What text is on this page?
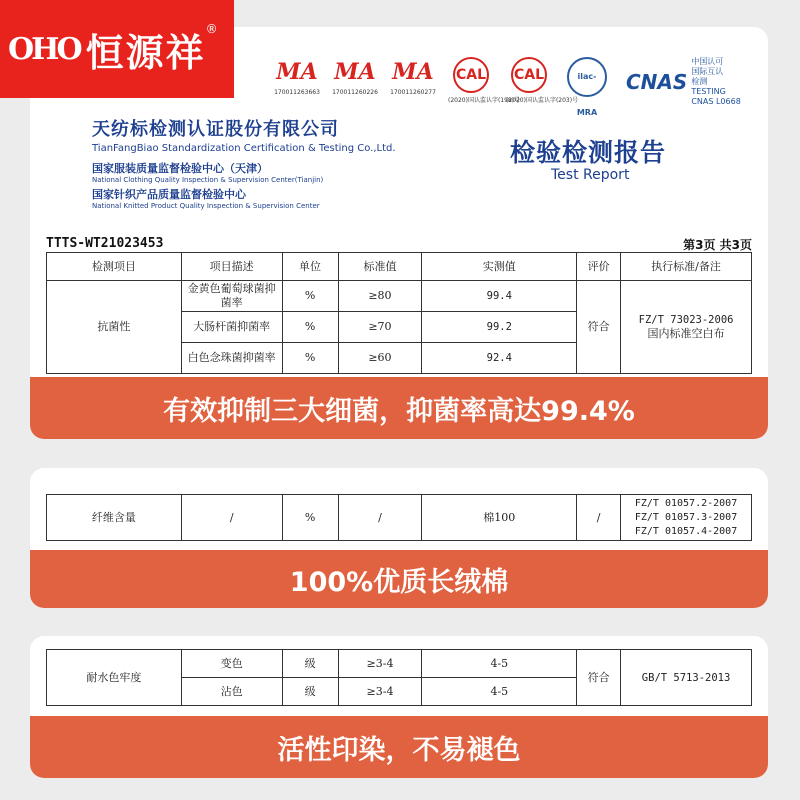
OHO 恒源祥
®
MA
170011263663
MA
170011260226
MA
170011260277
CAL
(2020)国认监认字(198)号
CAL
(2020)国认监认字(203)号
ilac-MRA
CNAS
中国认可
国际互认
检测
TESTING
CNAS L0668
天纺标检测认证股份有限公司
TianFangBiao Standardization Certification & Testing Co.,Ltd.
国家服装质量监督检验中心（天津）
National Clothing Quality Inspection & Supervision Center(Tianjin)
国家针织产品质量监督检验中心
National Knitted Product Quality Inspection & Supervision Center
检验检测报告
Test Report
TTTS-WT21023453	第3页 共3页
检测项目	项目描述	单位	标准值	实测值	评价	执行标准/备注
抗菌性	金黄色葡萄球菌抑菌率	%	≥80	99.4	符合	FZ/T 73023-2006
国内标准空白布

	大肠杆菌抑菌率	%	≥70	99.2		
	白色念珠菌抑菌率	%	≥60	92.4		
有效抑制三大细菌，抑菌率高达99.4%
纤维含量	/	%	/	棉100	/	
FZ/T 01057.2-2007
FZ/T 01057.3-2007
FZ/T 01057.4-2007
100%优质长绒棉
耐水色牢度	变色	级	≥3-4	4-5	符合	GB/T 5713-2013
	沾色	级	≥3-4	4-5		
活性印染，不易褪色
